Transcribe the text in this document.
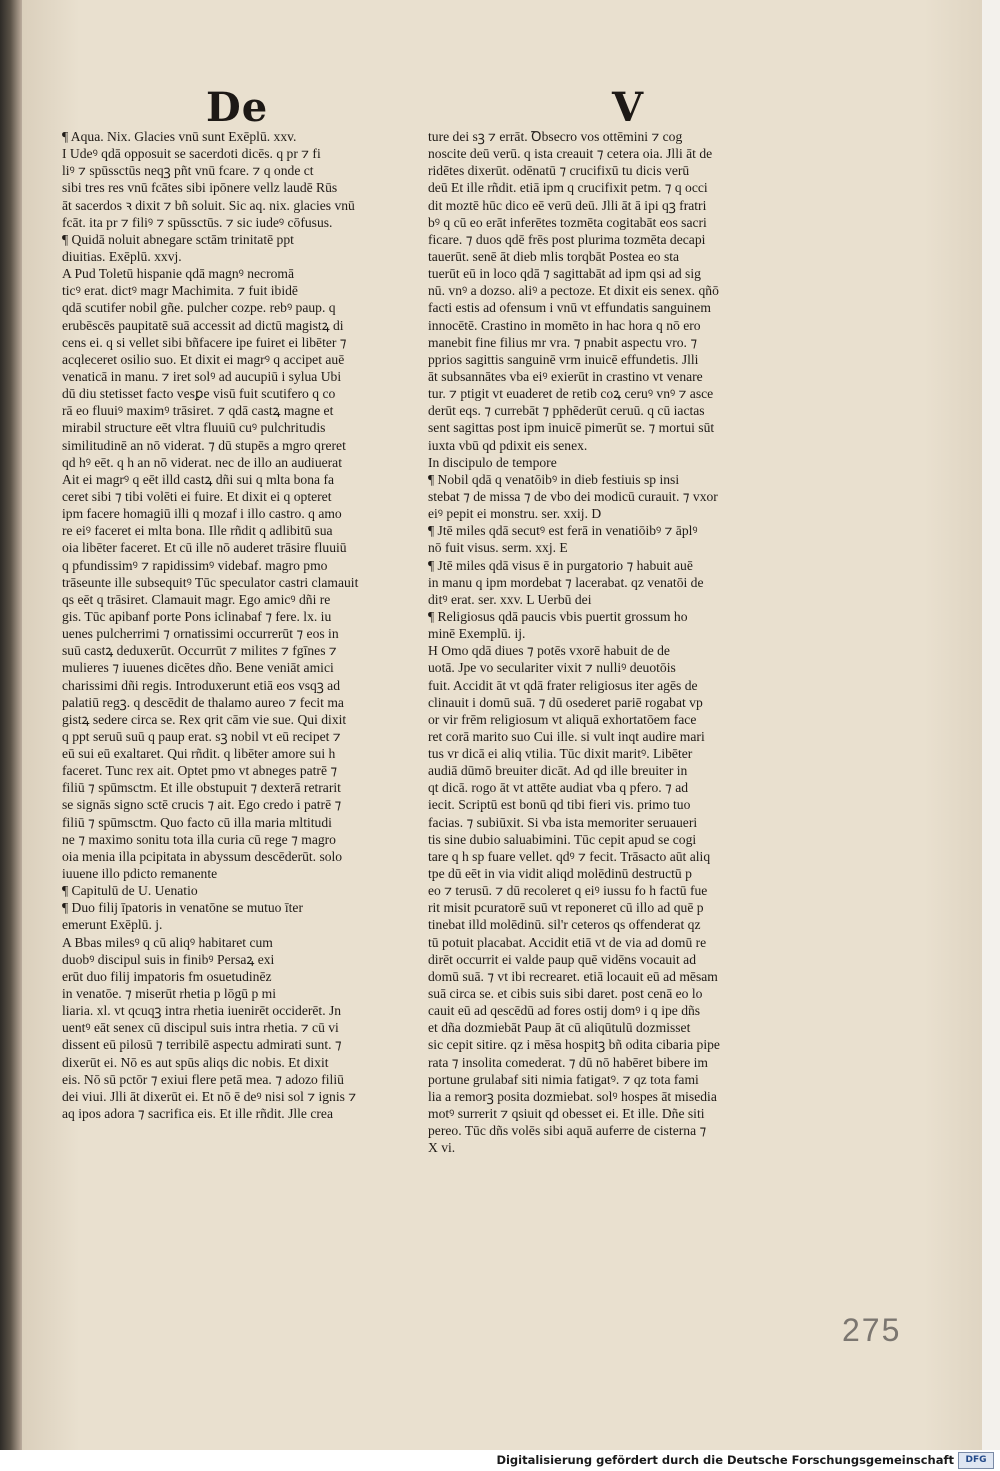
De	V
¶ Aqua. Nix. Glacies vnū sunt Exēplū. xxv.
I Udeꝰ qdā opposuit se sacerdoti dicēs. q pr ⁊ fi
liꝰ ⁊ spūssctūs neqꝫ pñt vnū fcare. ⁊ q onde ct
sibi tres res vnū fcātes sibi ipōnere vellz laudē Rūs
āt sacerdos ꝛ dixit ⁊ bñ soluit. Sic aq. nix. glacies vnū
fcāt. ita pr ⁊ filiꝰ ⁊ spūssctūs. ⁊ sic iudeꝰ cōfusus.
¶ Quidā noluit abnegare sctām trinitatē ppt
diuitias. Exēplū. xxvj.
A Pud Toletū hispanie qdā magnꝰ necromā
ticꝰ erat. dictꝰ magr Machimita. ⁊ fuit ibidē
qdā scutifer nobil gñe. pulcher cozpe. rebꝰ paup. q
erubēscēs paupitatē suā accessit ad dictū magistꝝ di
cens ei. q si vellet sibi bñfacere ipe fuiret ei libēter ⁊
acqleceret osilio suo. Et dixit ei magrꝰ q accipet auē
venaticā in manu. ⁊ iret solꝰ ad aucupiū i sylua Ubi
dū diu stetisset facto vesꝑe visū fuit scutifero q co
rā eo fluuiꝰ maximꝰ trāsiret. ⁊ qdā castꝝ magne et
mirabil structure eēt vltra fluuiū cuꝰ pulchritudis
similitudinē an nō viderat. ⁊ dū stupēs a mgro qreret
qd hꝰ eēt. q h an nō viderat. nec de illo an audiuerat
Ait ei magrꝰ q eēt illd castꝝ dñi sui q mlta bona fa
ceret sibi ⁊ tibi volēti ei fuire. Et dixit ei q opteret
ipm facere homagiū illi q mozaf i illo castro. q amo
re eiꝰ faceret ei mlta bona. Ille rñdit q adlibitū sua
oia libēter faceret. Et cū ille nō auderet trāsire fluuiū
q pfundissimꝰ ⁊ rapidissimꝰ videbaf. magro pmo
trāseunte ille subsequitꝰ Tūc speculator castri clamauit
qs eēt q trāsiret. Clamauit magr. Ego amicꝰ dñi re
gis. Tūc apibanf porte Pons iclinabaf ⁊ fere. lx. iu
uenes pulcherrimi ⁊ ornatissimi occurrerūt ⁊ eos in
suū castꝝ deduxerūt. Occurrūt ⁊ milites ⁊ fgīnes ⁊
mulieres ⁊ iuuenes dicētes dño. Bene veniāt amici
charissimi dñi regis. Introduxerunt etiā eos vsqꝫ ad
palatiū regꝫ. q descēdit de thalamo aureo ⁊ fecit ma
gistꝝ sedere circa se. Rex qrit cām vie sue. Qui dixit
q ppt seruū suū q paup erat. sꝫ nobil vt eū recipet ⁊
eū sui eū exaltaret. Qui rñdit. q libēter amore sui h
faceret. Tunc rex ait. Optet pmo vt abneges patrē ⁊
filiū ⁊ spūmsctm. Et ille obstupuit ⁊ dexterā retrarit
se signās signo sctē crucis ⁊ ait. Ego credo i patrē ⁊
filiū ⁊ spūmsctm. Quo facto cū illa maria mltitudi
ne ⁊ maximo sonitu tota illa curia cū rege ⁊ magro
oia menia illa pcipitata in abyssum descēderūt. solo
iuuene illo pdicto remanente
¶ Capitulū de U. Uenatio
¶ Duo filij īpatoris in venatōne se mutuo īter
emerunt Exēplū. j.
A Bbas milesꝰ q cū aliqꝰ habitaret cum
duobꝰ discipul suis in finibꝰ Persaꝝ exi
erūt duo filij impatoris fm osuetudinēz
in venatōe. ⁊ miserūt rhetia p lōgū p mi
liaria. xl. vt qcuqꝫ intra rhetia iuenirēt occiderēt. Jn
uentꝰ eāt senex cū discipul suis intra rhetia. ⁊ cū vi
dissent eū pilosū ⁊ terribilē aspectu admirati sunt. ⁊
dixerūt ei. Nō es aut spūs aliqs dic nobis. Et dixit
eis. Nō sū pctōr ⁊ exiui flere petā mea. ⁊ adozo filiū
dei viui. Jlli āt dixerūt ei. Et nō ē deꝰ nisi sol ⁊ ignis ⁊
aq ipos adora ⁊ sacrifica eis. Et ille rñdit. Jlle crea
ture dei sꝫ ⁊ errāt. Ꝺbsecro vos ottēmini ⁊ cog
noscite deū verū. q ista creauit ⁊ cetera oia. Jlli āt de
ridētes dixerūt. odēnatū ⁊ crucifixū tu dicis verū
deū Et ille rñdit. etiā ipm q crucifixit petm. ⁊ q occi
dit moztē hūc dico eē verū deū. Jlli āt ā ipi qꝫ fratri
bꝰ q cū eo erāt inferētes tozmēta cogitabāt eos sacri
ficare. ⁊ duos qdē frēs post plurima tozmēta decapi
tauerūt. senē āt dieb mlis torqbāt Postea eo sta
tuerūt eū in loco qdā ⁊ sagittabāt ad ipm qsi ad sig
nū. vnꝰ a dozso. aliꝰ a pectoze. Et dixit eis senex. qñō
facti estis ad ofensum i vnū vt effundatis sanguinem
innocētē. Crastino in momēto in hac hora q nō ero
manebit fine filius mr vra. ⁊ pnabit aspectu vro. ⁊
pprios sagittis sanguinē vrm inuicē effundetis. Jlli
āt subsannātes vba eiꝰ exierūt in crastino vt venare
tur. ⁊ ptigit vt euaderet de retib coꝝ ceruꝰ vnꝰ ⁊ asce
derūt eqs. ⁊ currebāt ⁊ pphēderūt ceruū. q cū iactas
sent sagittas post ipm inuicē pimerūt se. ⁊ mortui sūt
iuxta vbū qd pdixit eis senex.
In discipulo de tempore
¶ Nobil qdā q venatōibꝰ in dieb festiuis sp insi
stebat ⁊ de missa ⁊ de vbo dei modicū curauit. ⁊ vxor
eiꝰ pepit ei monstru. ser. xxij. D
¶ Jtē miles qdā secutꝰ est ferā in venatiōibꝰ ⁊ āplꝰ
nō fuit visus. serm. xxj. E
¶ Jtē miles qdā visus ē in purgatorio ⁊ habuit auē
in manu q ipm mordebat ⁊ lacerabat. qz venatōi de
ditꝰ erat. ser. xxv. L Uerbū dei
¶ Religiosus qdā paucis vbis puertit grossum ho
minē Exemplū. ij.
H Omo qdā diues ⁊ potēs vxorē habuit de de
uotā. Jpe vo seculariter vixit ⁊ nulliꝰ deuotōis
fuit. Accidit āt vt qdā frater religiosus iter agēs de
clinauit i domū suā. ⁊ dū osederet pariē rogabat vp
or vir frēm religiosum vt aliquā exhortatōem face
ret corā marito suo Cui ille. si vult inqt audire mari
tus vr dicā ei aliq vtilia. Tūc dixit maritꝰ. Libēter
audiā dūmō breuiter dicāt. Ad qd ille breuiter in
qt dicā. rogo āt vt attēte audiat vba q pfero. ⁊ ad
iecit. Scriptū est bonū qd tibi fieri vis. primo tuo
facias. ⁊ subiūxit. Si vba ista memoriter seruaueri
tis sine dubio saluabimini. Tūc cepit apud se cogi
tare q h sp fuare vellet. qdꝰ ⁊ fecit. Trāsacto aūt aliq
tpe dū eēt in via vidit aliqd molēdinū destructū p
eo ⁊ terusū. ⁊ dū recoleret q eiꝰ iussu fo h factū fue
rit misit pcuratorē suū vt reponeret cū illo ad quē p
tinebat illd molēdinū. sil'r ceteros qs offenderat qz
tū potuit placabat. Accidit etiā vt de via ad domū re
dirēt occurrit ei valde paup quē vidēns vocauit ad
domū suā. ⁊ vt ibi recrearet. etiā locauit eū ad mēsam
suā circa se. et cibis suis sibi daret. post cenā eo lo
cauit eū ad qescēdū ad fores ostij domꝰ i q ipe dñs
et dña dozmiebāt Paup āt cū aliqūtulū dozmisset
sic cepit sitire. qz i mēsa hospitꝫ bñ odita cibaria pipe
rata ⁊ insolita comederat. ⁊ dū nō habēret bibere im
portune grulabaf siti nimia fatigatꝰ. ⁊ qz tota fami
lia a remorꝫ posita dozmiebat. solꝰ hospes āt misedia
motꝰ surrerit ⁊ qsiuit qd obesset ei. Et ille. Dñe siti
pereo. Tūc dñs volēs sibi aquā auferre de cisterna ⁊
X vi.
275
Digitalisierung gefördert durch die Deutsche Forschungsgemeinschaft	DFG
